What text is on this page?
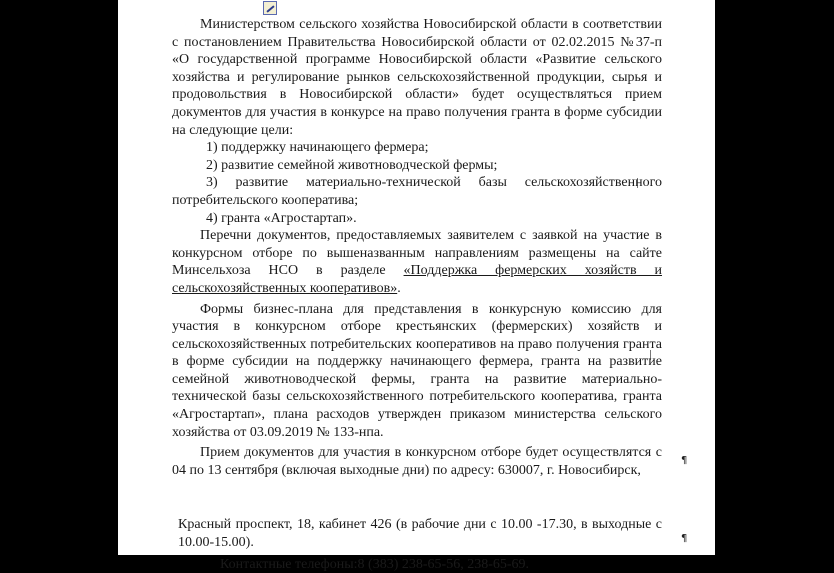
Министерством сельского хозяйства Новосибирской области в соответствии с постановлением Правительства Новосибирской области от 02.02.2015 №37-п «О государственной программе Новосибирской области «Развитие сельского хозяйства и регулирование рынков сельскохозяйственной продукции, сырья и продовольствия в Новосибирской области» будет осуществляться прием документов для участия в конкурсе на право получения гранта в форме субсидии на следующие цели:

1) поддержку начинающего фермера;

2) развитие семейной животноводческой фермы;

3) развитие материально-технической базы сельскохозяйственного потребительского кооператива;

4) гранта «Агростартап».

Перечни документов, предоставляемых заявителем с заявкой на участие в конкурсном отборе по вышеназванным направлениям размещены на сайте Минсельхоза НСО в разделе «Поддержка фермерских хозяйств и сельскохозяйственных кооперативов».

Формы бизнес-плана для представления в конкурсную комиссию для участия в конкурсном отборе крестьянских (фермерских) хозяйств и сельскохозяйственных потребительских кооперативов на право получения гранта в форме субсидии на поддержку начинающего фермера, гранта на развитие семейной животноводческой фермы, гранта на развитие материально-технической базы сельскохозяйственного потребительского кооператива, гранта «Агростартап», плана расходов утвержден приказом министерства сельского хозяйства от 03.09.2019 № 133-нпа.

Прием документов для участия в конкурсном отборе будет осуществлятся с 04 по 13 сентября (включая выходные дни) по адресу: 630007, г. Новосибирск,

Красный проспект, 18, кабинет 426 (в рабочие дни с 10.00 -17.30, в выходные с 10.00-15.00).

Контактные телефоны:8 (383) 238-65-56, 238-65-69.

¶
¶
